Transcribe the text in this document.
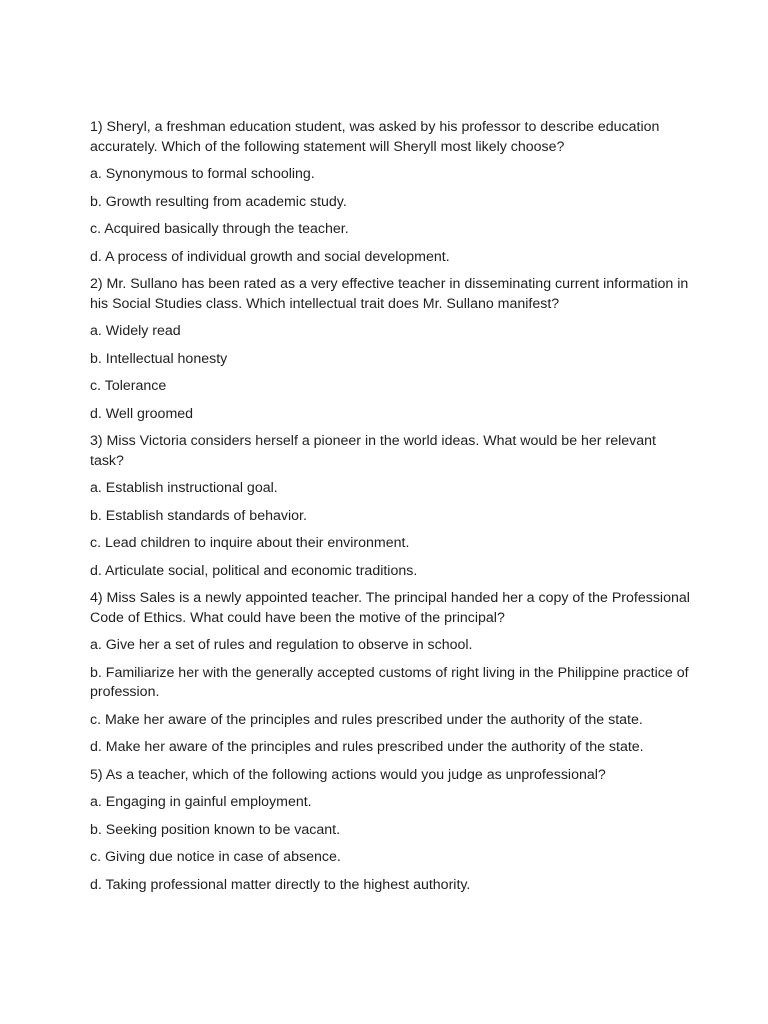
1) Sheryl, a freshman education student, was asked by his professor to describe education accurately. Which of the following statement will Sheryll most likely choose?

a. Synonymous to formal schooling.

b. Growth resulting from academic study.

c. Acquired basically through the teacher.

d. A process of individual growth and social development.

2) Mr. Sullano has been rated as a very effective teacher in disseminating current information in his Social Studies class. Which intellectual trait does Mr. Sullano manifest?

a. Widely read

b. Intellectual honesty

c. Tolerance

d. Well groomed

3) Miss Victoria considers herself a pioneer in the world ideas. What would be her relevant task?

a. Establish instructional goal.

b. Establish standards of behavior.

c. Lead children to inquire about their environment.

d. Articulate social, political and economic traditions.

4) Miss Sales is a newly appointed teacher. The principal handed her a copy of the Professional Code of Ethics. What could have been the motive of the principal?

a. Give her a set of rules and regulation to observe in school.

b. Familiarize her with the generally accepted customs of right living in the Philippine practice of profession.

c. Make her aware of the principles and rules prescribed under the authority of the state.

d. Make her aware of the principles and rules prescribed under the authority of the state.

5) As a teacher, which of the following actions would you judge as unprofessional?

a. Engaging in gainful employment.

b. Seeking position known to be vacant.

c. Giving due notice in case of absence.

d. Taking professional matter directly to the highest authority.
